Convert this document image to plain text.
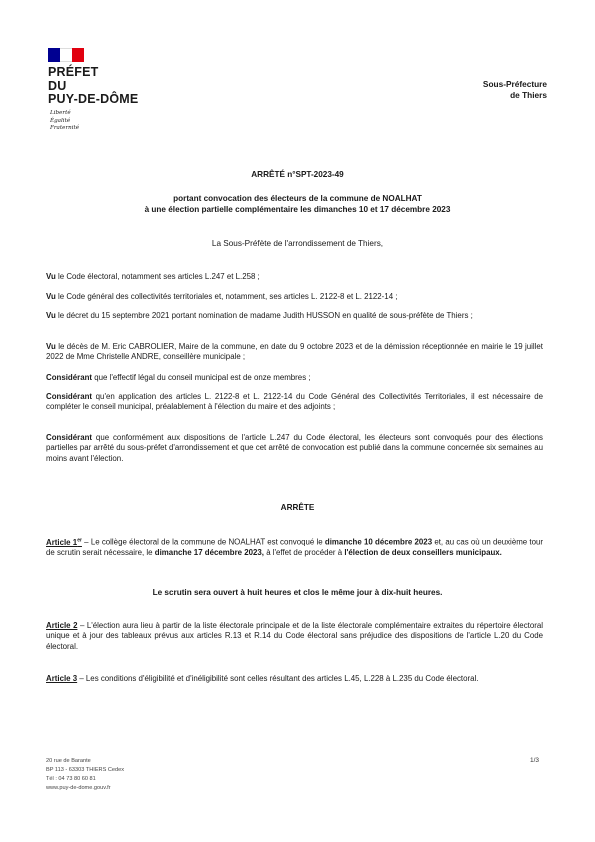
PRÉFET
DU
PUY-DE-DÔME
Liberté
Égalité
Fraternité
Sous-Préfecture
de Thiers
ARRÊTÉ n°SPT-2023-49
portant convocation des électeurs de la commune de NOALHAT
à une élection partielle complémentaire les dimanches 10 et 17 décembre 2023
La Sous-Préfète de l'arrondissement de Thiers,

Vu le Code électoral, notamment ses articles L.247 et L.258 ;

Vu le Code général des collectivités territoriales et, notamment, ses articles L. 2122-8 et L. 2122-14 ;

Vu le décret du 15 septembre 2021 portant nomination de madame Judith HUSSON en qualité de sous-préfète de Thiers ;

Vu le décès de M. Eric CABROLIER, Maire de la commune, en date du 9 octobre 2023 et de la démission réceptionnée en mairie le 19 juillet 2022 de Mme Christelle ANDRE, conseillère municipale ;

Considérant que l'effectif légal du conseil municipal est de onze membres ;

Considérant qu'en application des articles L. 2122-8 et L. 2122-14 du Code Général des Collectivités Territoriales, il est nécessaire de compléter le conseil municipal, préalablement à l'élection du maire et des adjoints ;

Considérant que conformément aux dispositions de l'article L.247 du Code électoral, les électeurs sont convoqués pour des élections partielles par arrêté du sous-préfet d'arrondissement et que cet arrêté de convocation est publié dans la commune concernée six semaines au moins avant l'élection.

ARRÊTE

Article 1er – Le collège électoral de la commune de NOALHAT est convoqué le dimanche 10 décembre 2023 et, au cas où un deuxième tour de scrutin serait nécessaire, le dimanche 17 décembre 2023, à l'effet de procéder à l'élection de deux conseillers municipaux.

Le scrutin sera ouvert à huit heures et clos le même jour à dix-huit heures.

Article 2 – L'élection aura lieu à partir de la liste électorale principale et de la liste électorale complémentaire extraites du répertoire électoral unique et à jour des tableaux prévus aux articles R.13 et R.14 du Code électoral sans préjudice des dispositions de l'article L.20 du Code électoral.

Article 3 – Les conditions d'éligibilité et d'inéligibilité sont celles résultant des articles L.45, L.228 à L.235 du Code électoral.

20 rue de Barante
BP 113 - 63303 THIERS Cedex
Tél : 04 73 80 60 81
www.puy-de-dome.gouv.fr
1/3
